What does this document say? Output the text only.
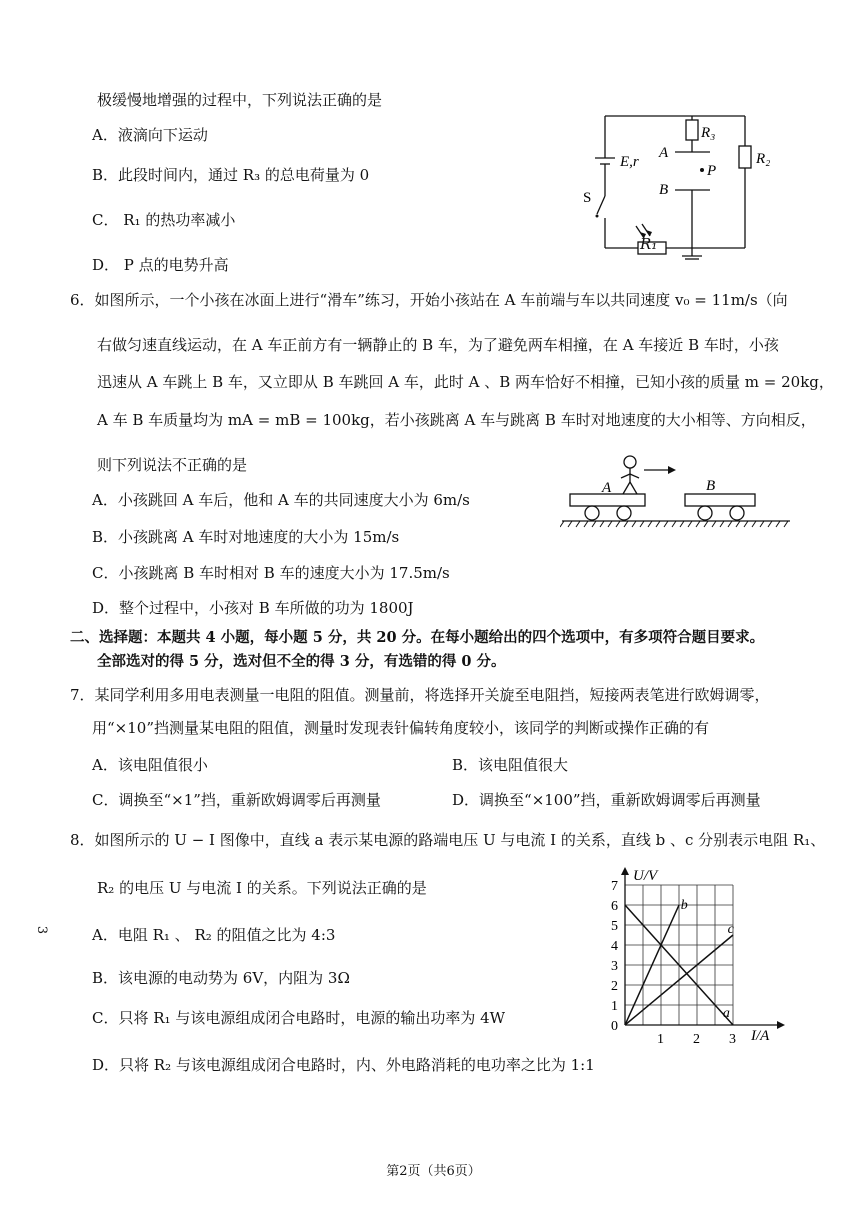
极缓慢地增强的过程中，下列说法正确的是
A．液滴向下运动
B．此段时间内，通过 R₃ 的总电荷量为 0
C． R₁ 的热功率减小
D． P 点的电势升高
R₃
R₂
A
B
P
E,r
S
R₁
6．如图所示，一个小孩在冰面上进行“滑车”练习，开始小孩站在 A 车前端与车以共同速度 v₀ = 11m/s（向
右做匀速直线运动，在 A 车正前方有一辆静止的 B 车，为了避免两车相撞，在 A 车接近 B 车时，小孩
迅速从 A 车跳上 B 车，又立即从 B 车跳回 A 车，此时 A 、B 两车恰好不相撞，已知小孩的质量 m = 20kg，
A 车 B 车质量均为 mA = mB = 100kg，若小孩跳离 A 车与跳离 B 车时对地速度的大小相等、方向相反，
则下列说法不正确的是
A．小孩跳回 A 车后，他和 A 车的共同速度大小为 6m/s
B．小孩跳离 A 车时对地速度的大小为 15m/s
C．小孩跳离 B 车时相对 B 车的速度大小为 17.5m/s
D．整个过程中，小孩对 B 车所做的功为 1800J
A	B
二、选择题：本题共 4 小题，每小题 5 分，共 20 分。在每小题给出的四个选项中，有多项符合题目要求。
全部选对的得 5 分，选对但不全的得 3 分，有选错的得 0 分。
7．某同学利用多用电表测量一电阻的阻值。测量前，将选择开关旋至电阻挡，短接两表笔进行欧姆调零，
用“×10”挡测量某电阻的阻值，测量时发现表针偏转角度较小，该同学的判断或操作正确的有
A．该电阻值很小	B．该电阻值很大
C．调换至“×1”挡，重新欧姆调零后再测量	D．调换至“×100”挡，重新欧姆调零后再测量
8．如图所示的 U − I 图像中，直线 a 表示某电源的路端电压 U 与电流 I 的关系，直线 b 、c 分别表示电阻 R₁、
R₂ 的电压 U 与电流 I 的关系。下列说法正确的是
A．电阻 R₁ 、 R₂ 的阻值之比为 4:3
B．该电源的电动势为 6V，内阻为 3Ω
C．只将 R₁ 与该电源组成闭合电路时，电源的输出功率为 4W
D．只将 R₂ 与该电源组成闭合电路时，内、外电路消耗的电功率之比为 1:1
3
a
b
c
0
1
2
3
4
5
6
7
1 2 3
U/V
I/A
第2页（共6页）
